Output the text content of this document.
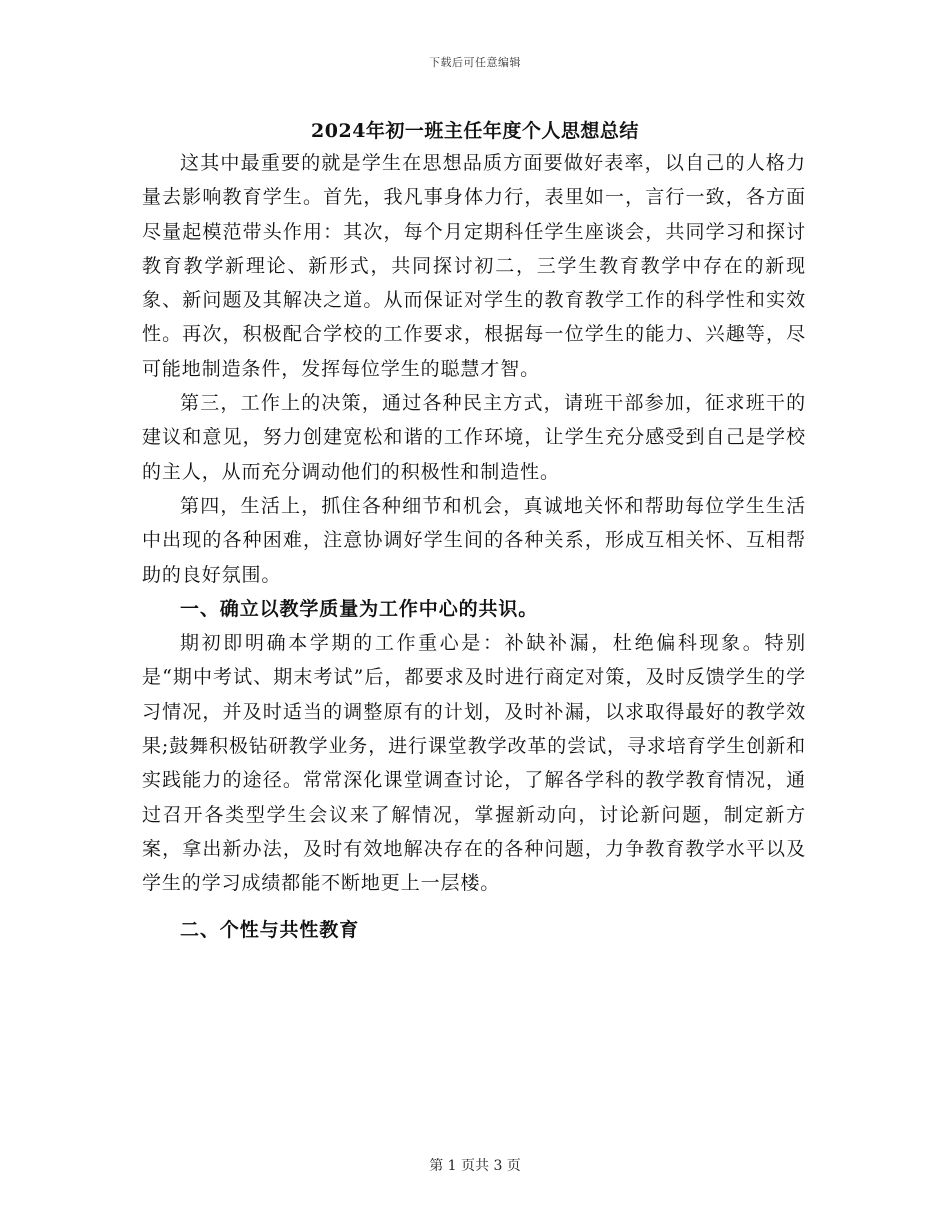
下载后可任意编辑
2024年初一班主任年度个人思想总结

这其中最重要的就是学生在思想品质方面要做好表率，以自己的人格力量去影响教育学生。首先，我凡事身体力行，表里如一，言行一致，各方面尽量起模范带头作用：其次，每个月定期科任学生座谈会，共同学习和探讨教育教学新理论、新形式，共同探讨初二，三学生教育教学中存在的新现象、新问题及其解决之道。从而保证对学生的教育教学工作的科学性和实效性。再次，积极配合学校的工作要求，根据每一位学生的能力、兴趣等，尽可能地制造条件，发挥每位学生的聪慧才智。

第三，工作上的决策，通过各种民主方式，请班干部参加，征求班干的建议和意见，努力创建宽松和谐的工作环境，让学生充分感受到自己是学校的主人，从而充分调动他们的积极性和制造性。

第四，生活上，抓住各种细节和机会，真诚地关怀和帮助每位学生生活中出现的各种困难，注意协调好学生间的各种关系，形成互相关怀、互相帮助的良好氛围。

一、确立以教学质量为工作中心的共识。

期初即明确本学期的工作重心是：补缺补漏，杜绝偏科现象。特别是“期中考试、期末考试”后，都要求及时进行商定对策，及时反馈学生的学习情况，并及时适当的调整原有的计划，及时补漏，以求取得最好的教学效果;鼓舞积极钻研教学业务，进行课堂教学改革的尝试，寻求培育学生创新和实践能力的途径。常常深化课堂调查讨论，了解各学科的教学教育情况，通过召开各类型学生会议来了解情况，掌握新动向，讨论新问题，制定新方案，拿出新办法，及时有效地解决存在的各种问题，力争教育教学水平以及学生的学习成绩都能不断地更上一层楼。

二、个性与共性教育
第 1 页共 3 页
